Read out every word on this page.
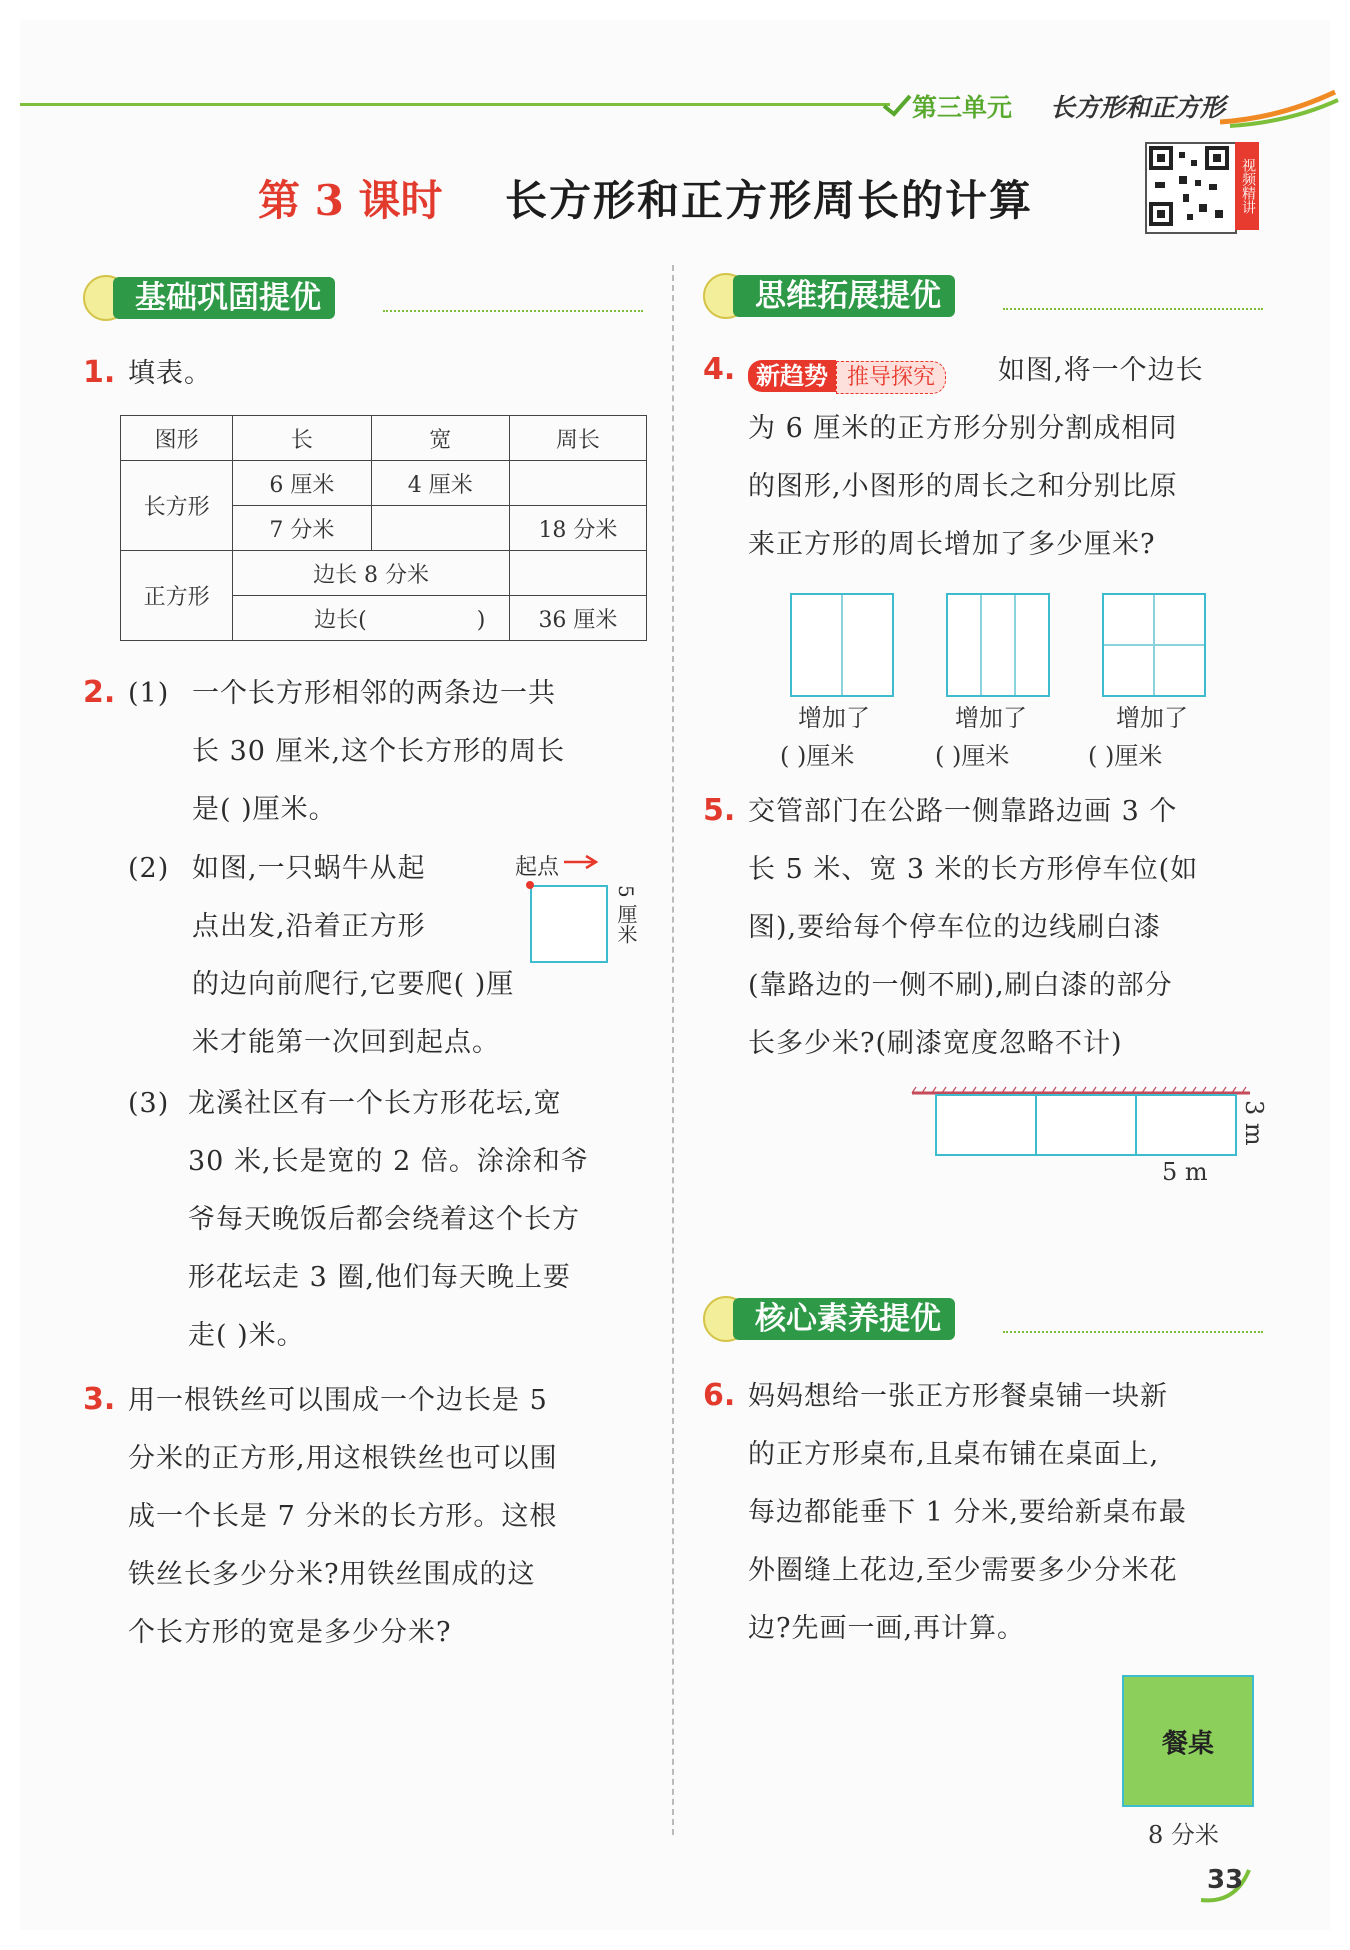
第三单元 长方形和正方形
第 3 课时 长方形和正方形周长的计算	视频精讲
基础巩固提优	思维拓展提优
1. 填表。
图形	长	宽	周长
长方形	6 厘米	4 厘米	
	7 分米		18 分米
正方形	边长 8 分米		
	边长( )		36 厘米
2. (1) 一个长方形相邻的两条边一共
长 30 厘米,这个长方形的周长
是( )厘米。
(2) 如图,一只蜗牛从起
点出发,沿着正方形
的边向前爬行,它要爬( )厘
米才能第一次回到起点。
起点
5 厘米
(3) 龙溪社区有一个长方形花坛,宽
30 米,长是宽的 2 倍。涂涂和爷
爷每天晚饭后都会绕着这个长方
形花坛走 3 圈,他们每天晚上要
走( )米。
3. 用一根铁丝可以围成一个边长是 5
分米的正方形,用这根铁丝也可以围
成一个长是 7 分米的长方形。这根
铁丝长多少分米?用铁丝围成的这
个长方形的宽是多少分米?
4. 新趋势 推导探究	如图,将一个边长
为 6 厘米的正方形分别分割成相同
的图形,小图形的周长之和分别比原
来正方形的周长增加了多少厘米?
增加了	增加了	增加了
( )厘米	( )厘米	( )厘米
5. 交管部门在公路一侧靠路边画 3 个
长 5 米、宽 3 米的长方形停车位(如
图),要给每个停车位的边线刷白漆
(靠路边的一侧不刷),刷白漆的部分
长多少米?(刷漆宽度忽略不计)
5 m
3 m
核心素养提优
6. 妈妈想给一张正方形餐桌铺一块新
的正方形桌布,且桌布铺在桌面上,
每边都能垂下 1 分米,要给新桌布最
外圈缝上花边,至少需要多少分米花
边?先画一画,再计算。
餐桌
8 分米
33
